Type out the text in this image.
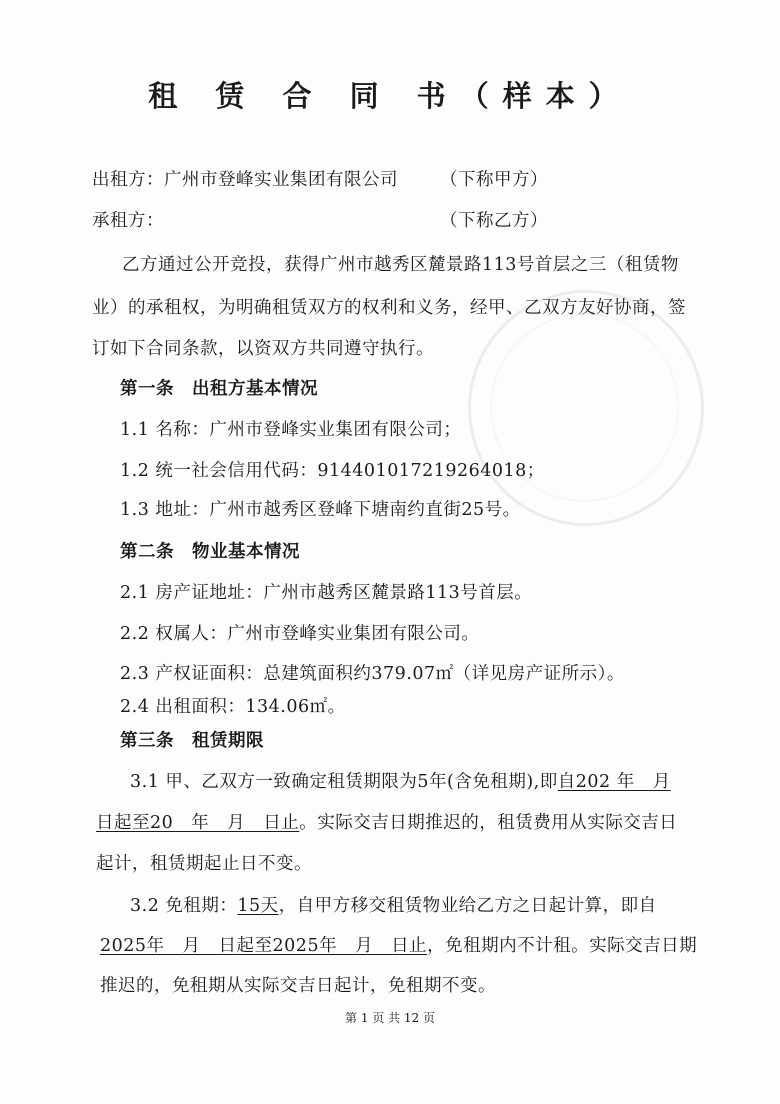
租 赁 合 同 书（样本）
出租方：广州市登峰实业集团有限公司 （下称甲方）
承租方：	（下称乙方）
乙方通过公开竞投，获得广州市越秀区麓景路113号首层之三（租赁物
业）的承租权，为明确租赁双方的权利和义务，经甲、乙双方友好协商，签
订如下合同条款，以资双方共同遵守执行。
第一条　出租方基本情况
1.1 名称：广州市登峰实业集团有限公司；
1.2 统一社会信用代码：914401017219264018；
1.3 地址：广州市越秀区登峰下塘南约直街25号。
第二条　物业基本情况
2.1 房产证地址：广州市越秀区麓景路113号首层。
2.2 权属人：广州市登峰实业集团有限公司。
2.3 产权证面积：总建筑面积约379.07㎡（详见房产证所示）。
2.4 出租面积：134.06㎡。
第三条　租赁期限
3.1 甲、乙双方一致确定租赁期限为5年(含免租期),即自202 年　月
日起至20　年　月　日止。实际交吉日期推迟的，租赁费用从实际交吉日
起计，租赁期起止日不变。
3.2 免租期：15天，自甲方移交租赁物业给乙方之日起计算，即自
2025年　月　日起至2025年　月　日止，免租期内不计租。实际交吉日期
推迟的，免租期从实际交吉日起计，免租期不变。
第 1 页 共 12 页
